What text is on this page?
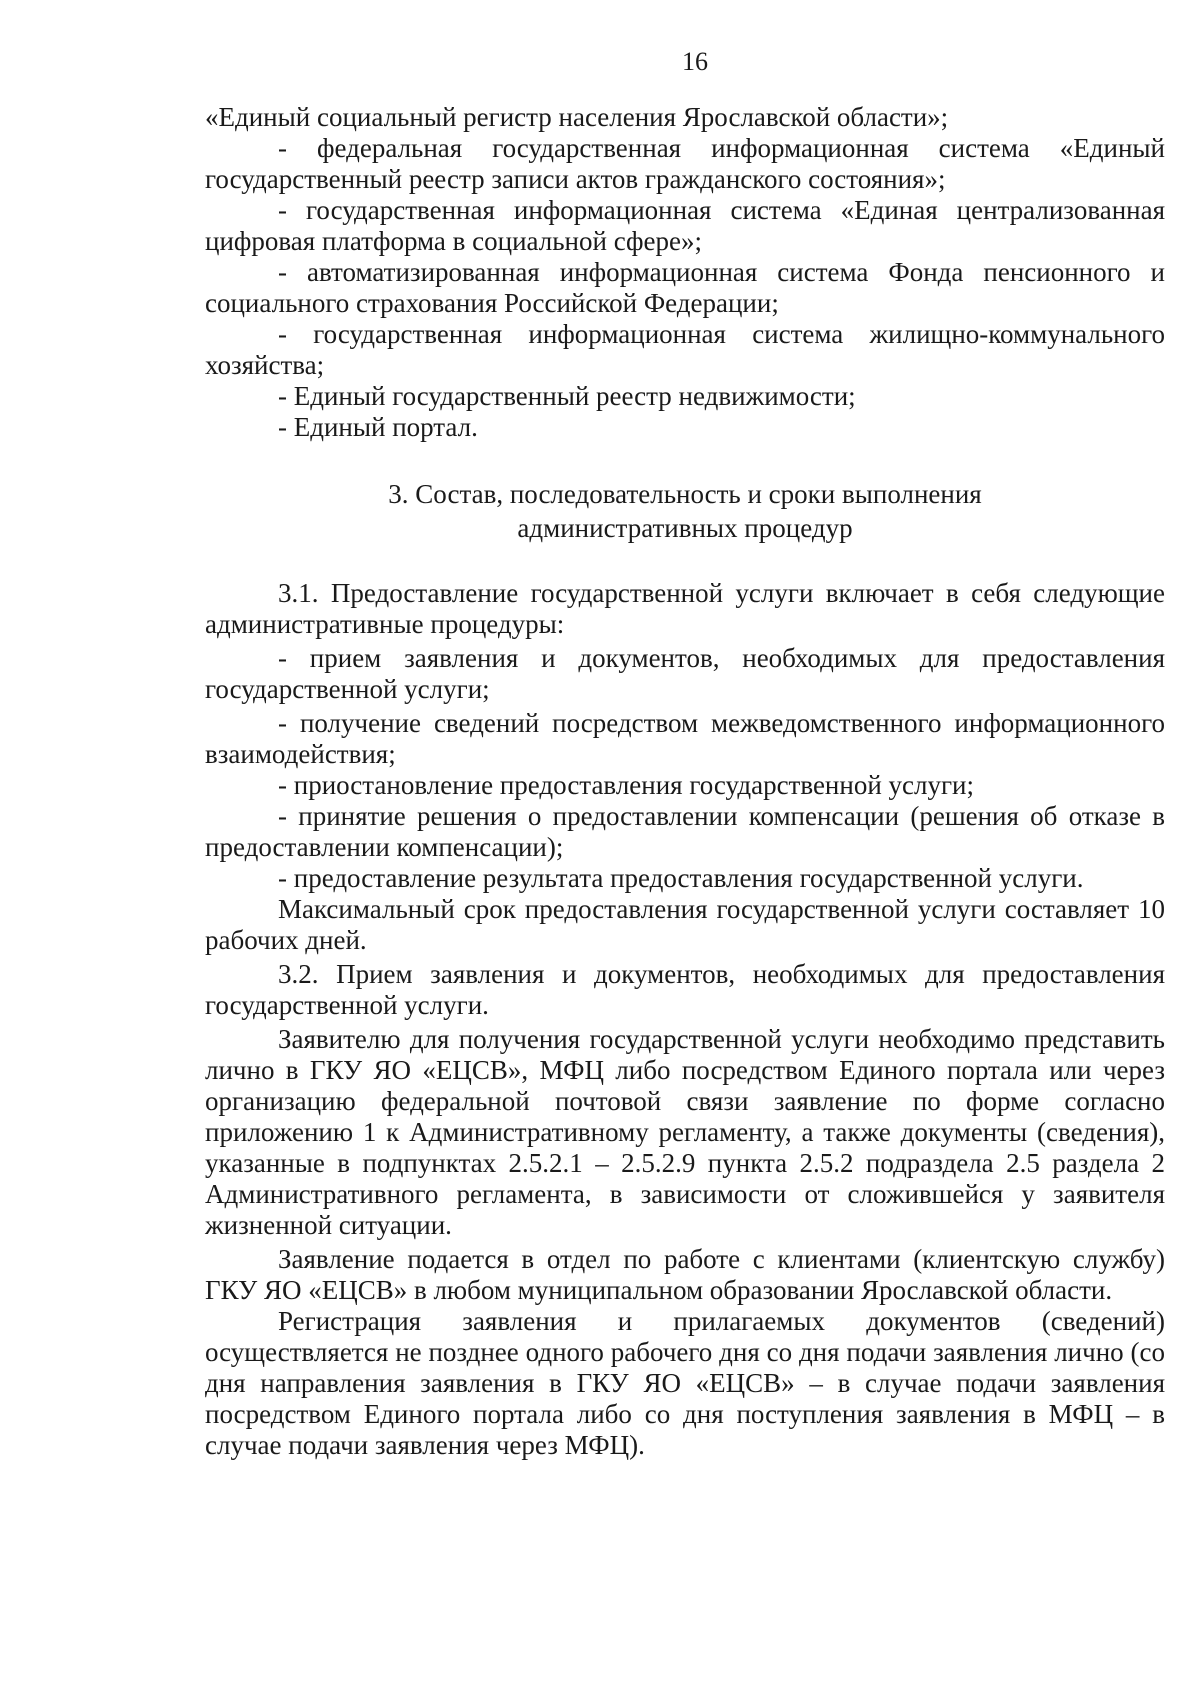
16

«Единый социальный регистр населения Ярославской области»;

- федеральная государственная информационная система «Единый государственный реестр записи актов гражданского состояния»;

- государственная информационная система «Единая централизованная цифровая платформа в социальной сфере»;

- автоматизированная информационная система Фонда пенсионного и социального страхования Российской Федерации;

- государственная информационная система жилищно-коммунального хозяйства;

- Единый государственный реестр недвижимости;

- Единый портал.

3. Состав, последовательность и сроки выполнения
административных процедур

3.1. Предоставление государственной услуги включает в себя следующие административные процедуры:

- прием заявления и документов, необходимых для предоставления государственной услуги;

- получение сведений посредством межведомственного информационного взаимодействия;

- приостановление предоставления государственной услуги;

- принятие решения о предоставлении компенсации (решения об отказе в предоставлении компенсации);

- предоставление результата предоставления государственной услуги.

Максимальный срок предоставления государственной услуги составляет 10 рабочих дней.

3.2. Прием заявления и документов, необходимых для предоставления государственной услуги.

Заявителю для получения государственной услуги необходимо представить лично в ГКУ ЯО «ЕЦСВ», МФЦ либо посредством Единого портала или через организацию федеральной почтовой связи заявление по форме согласно приложению 1 к Административному регламенту, а также документы (сведения), указанные в подпунктах 2.5.2.1 – 2.5.2.9 пункта 2.5.2 подраздела 2.5 раздела 2 Административного регламента, в зависимости от сложившейся у заявителя жизненной ситуации.

Заявление подается в отдел по работе с клиентами (клиентскую службу) ГКУ ЯО «ЕЦСВ» в любом муниципальном образовании Ярославской области.

Регистрация заявления и прилагаемых документов (сведений) осуществляется не позднее одного рабочего дня со дня подачи заявления лично (со дня направления заявления в ГКУ ЯО «ЕЦСВ» – в случае подачи заявления посредством Единого портала либо со дня поступления заявления в МФЦ – в случае подачи заявления через МФЦ).
